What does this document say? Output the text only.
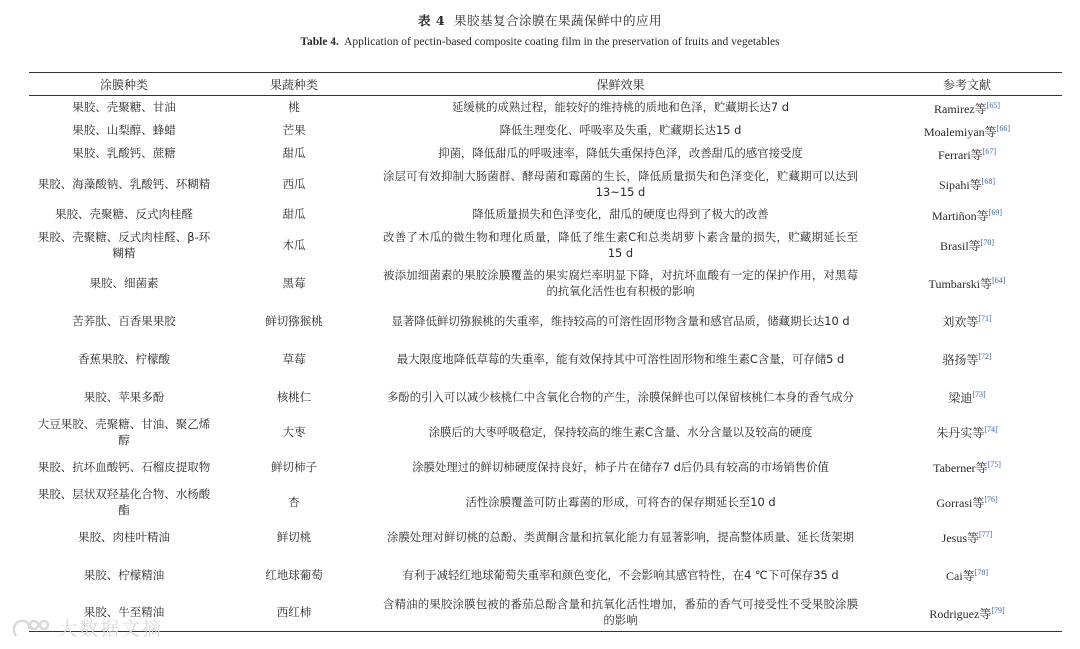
表 4 果胶基复合涂膜在果蔬保鲜中的应用
Table 4. Application of pectin-based composite coating film in the preservation of fruits and vegetables
涂膜种类	果蔬种类	保鲜效果	参考文献
果胶、壳聚糖、甘油	桃	延缓桃的成熟过程，能较好的维持桃的质地和色泽，贮藏期长达7 d	Ramirez等[65]
果胶、山梨醇、蜂蜡	芒果	降低生理变化、呼吸率及失重，贮藏期长达15 d	Moalemiyan等[66]
果胶、乳酸钙、蔗糖	甜瓜	抑菌，降低甜瓜的呼吸速率，降低失重保持色泽，改善甜瓜的感官接受度	Ferrari等[67]
果胶、海藻酸钠、乳酸钙、环糊精	西瓜	涂层可有效抑制大肠菌群、酵母菌和霉菌的生长，降低质量损失和色泽变化，贮藏期可以达到13~15 d	Sipahi等[68]
果胶、壳聚糖、反式肉桂醛	甜瓜	降低质量损失和色泽变化，甜瓜的硬度也得到了极大的改善	Martiñon等[69]
果胶、壳聚糖、反式肉桂醛、β-环糊精	木瓜	改善了木瓜的微生物和理化质量，降低了维生素C和总类胡萝卜素含量的损失，贮藏期延长至15 d	Brasil等[70]
果胶、细菌素	黑莓	被添加细菌素的果胶涂膜覆盖的果实腐烂率明显下降，对抗坏血酸有一定的保护作用，对黑莓的抗氧化活性也有积极的影响	Tumbarski等[64]
苦荞肽、百香果果胶	鲜切猕猴桃	显著降低鲜切猕猴桃的失重率，维持较高的可溶性固形物含量和感官品质，储藏期长达10 d	刘欢等[71]
香蕉果胶、柠檬酸	草莓	最大限度地降低草莓的失重率，能有效保持其中可溶性固形物和维生素C含量，可存储5 d	骆扬等[72]
果胶、苹果多酚	核桃仁	多酚的引入可以减少核桃仁中含氧化合物的产生，涂膜保鲜也可以保留核桃仁本身的香气成分	梁迪[73]
大豆果胶、壳聚糖、甘油、聚乙烯醇	大枣	涂膜后的大枣呼吸稳定，保持较高的维生素C含量、水分含量以及较高的硬度	朱丹实等[74]
果胶、抗坏血酸钙、石榴皮提取物	鲜切柿子	涂膜处理过的鲜切柿硬度保持良好，柿子片在储存7 d后仍具有较高的市场销售价值	Taberner等[75]
果胶、层状双羟基化合物、水杨酸酯	杏	活性涂膜覆盖可防止霉菌的形成，可将杏的保存期延长至10 d	Gorrasi等[76]
果胶、肉桂叶精油	鲜切桃	涂膜处理对鲜切桃的总酚、类黄酮含量和抗氧化能力有显著影响，提高整体质量、延长货架期	Jesus等[77]
果胶、柠檬精油	红地球葡萄	有利于减轻红地球葡萄失重率和颜色变化，不会影响其感官特性，在4 ℃下可保存35 d	Cai等[78]
果胶、牛至精油	西红柿	含精油的果胶涂膜包被的番茄总酚含量和抗氧化活性增加，番茄的香气可接受性不受果胶涂膜的影响	Rodriguez等[79]
大数据文摘
